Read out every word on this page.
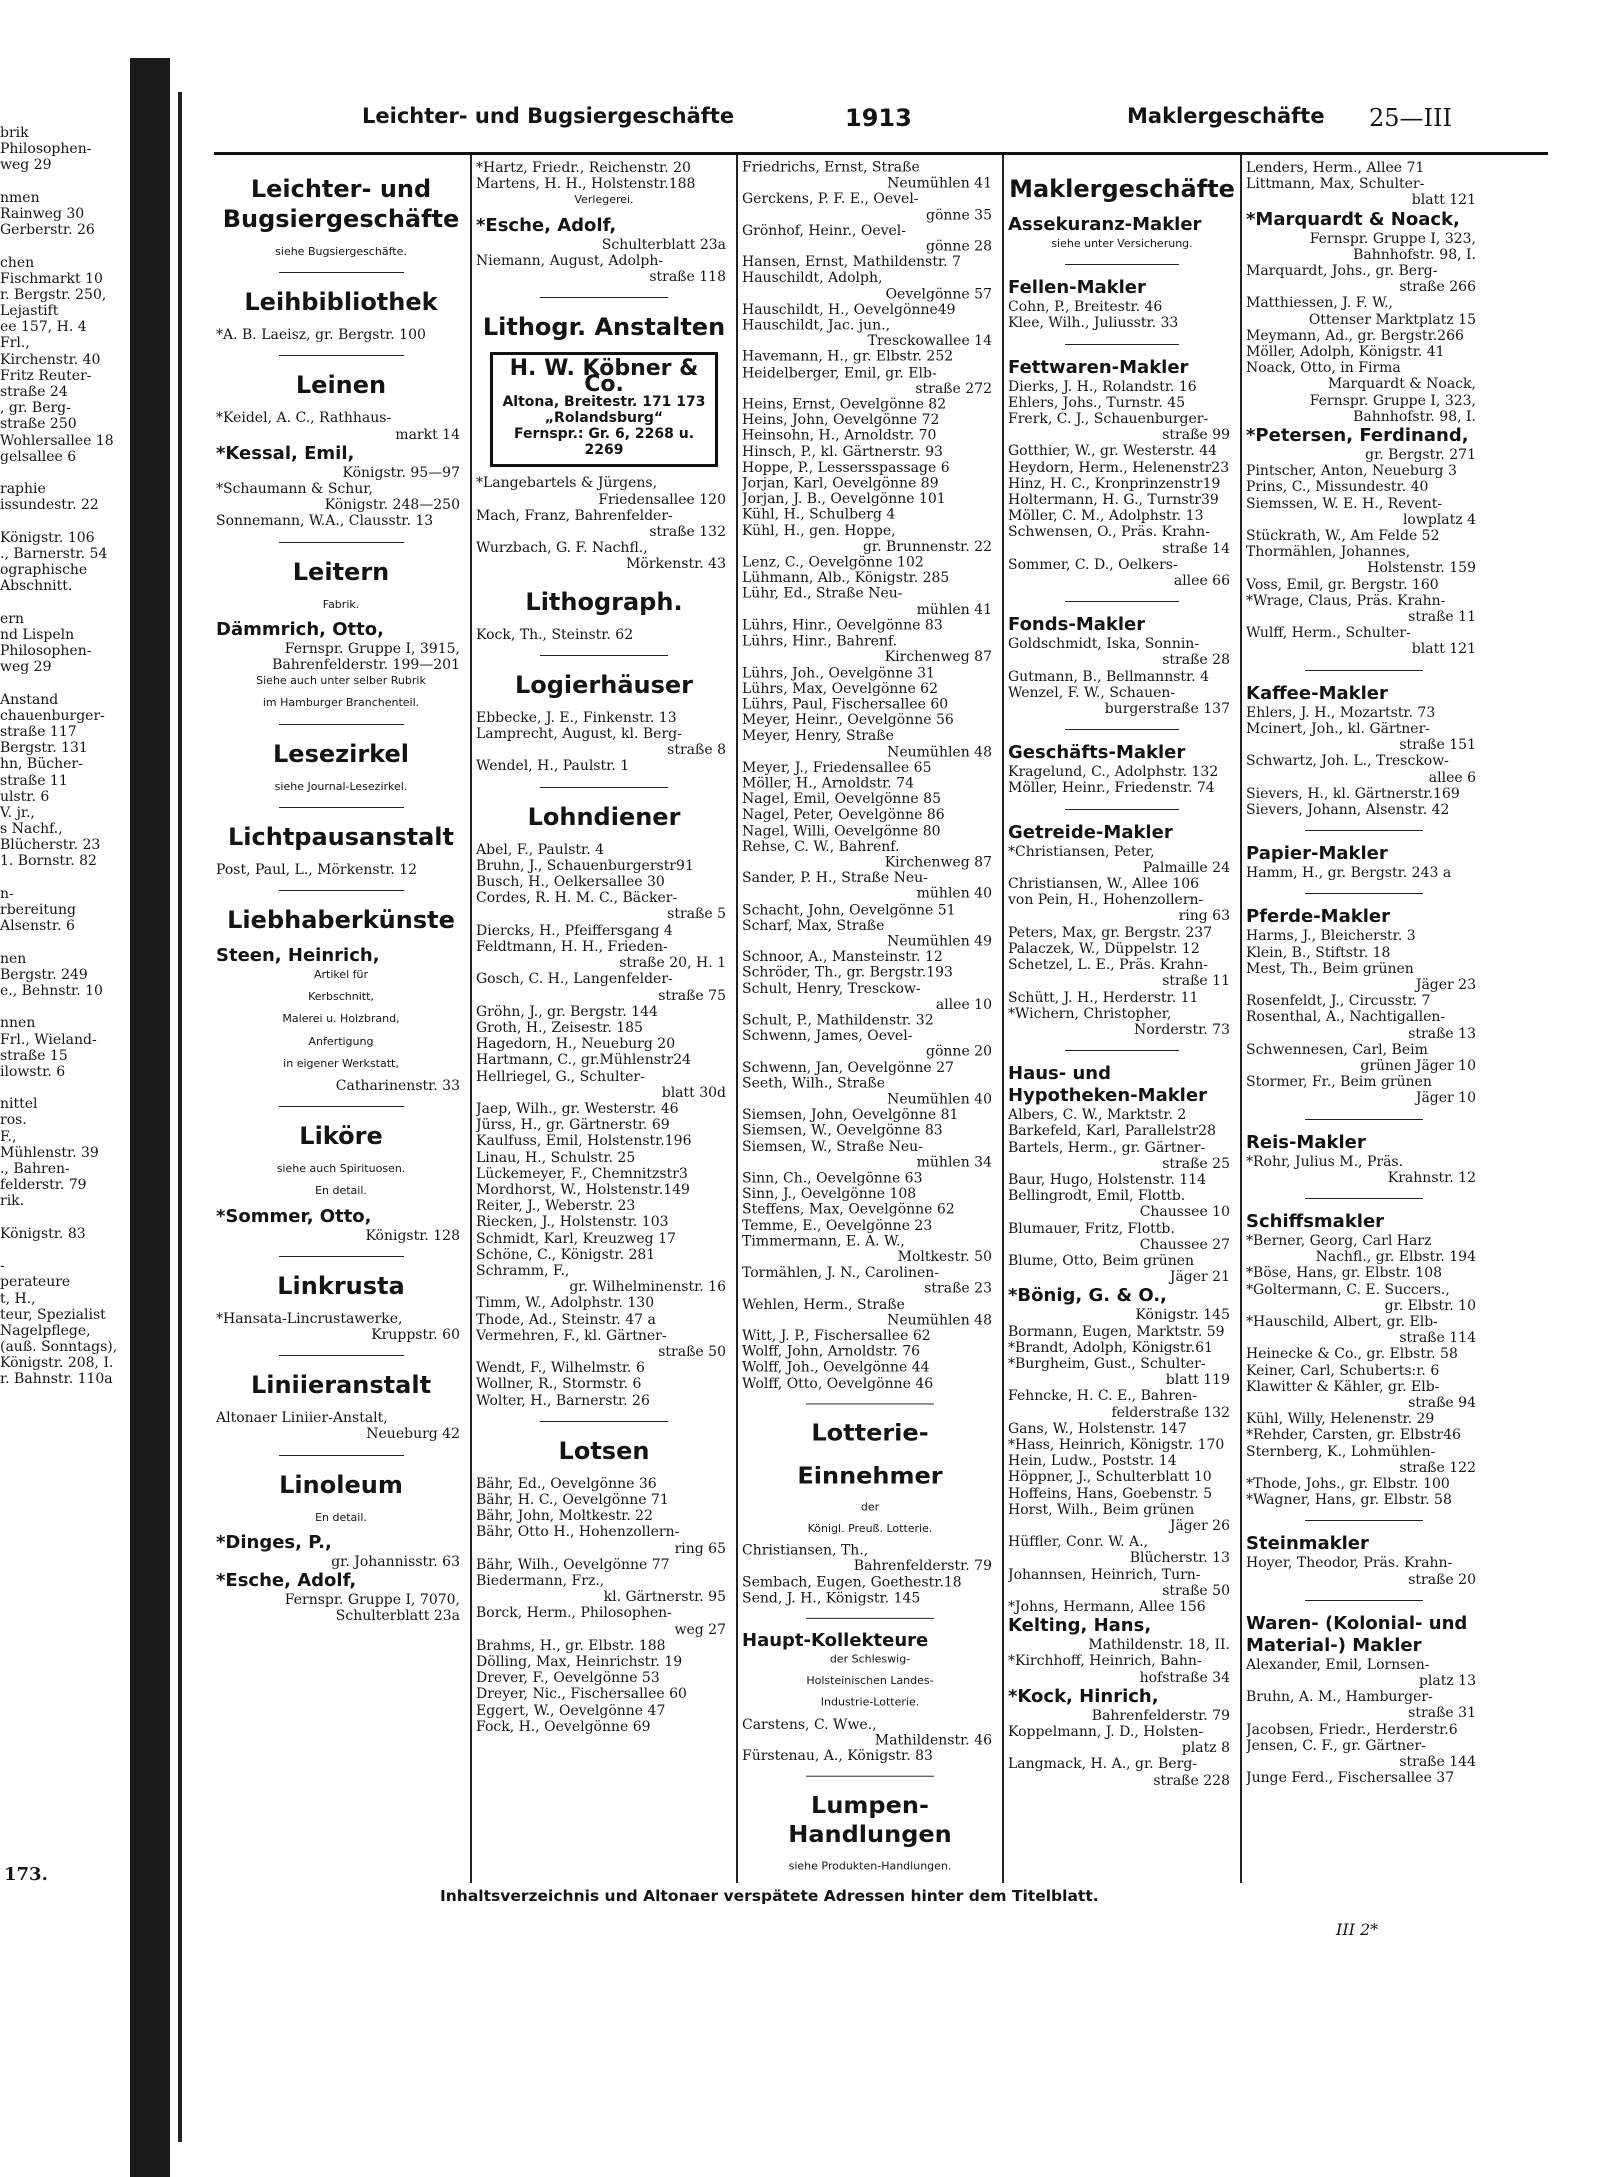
brik
Philosophen-
weg 29
nmen
Rainweg 30
Gerberstr. 26
chen
Fischmarkt 10
r. Bergstr. 250,
Lejastift
ee 157, H. 4
Frl.,
Kirchenstr. 40
Fritz Reuter-
straße 24
, gr. Berg-
straße 250
Wohlersallee 18
gelsallee 6
raphie
issundestr. 22
Königstr. 106
., Barnerstr. 54
ographische
Abschnitt.
ern
nd Lispeln
Philosophen-
weg 29
Anstand
chauenburger-
straße 117
Bergstr. 131
hn, Bücher-
straße 11
ulstr. 6
V. jr.,
s Nachf.,
Blücherstr. 23
1. Bornstr. 82
n-
rbereitung
Alsenstr. 6
nen
Bergstr. 249
e., Behnstr. 10
nnen
Frl., Wieland-
straße 15
ilowstr. 6
nittel
ros.
F.,
Mühlenstr. 39
., Bahren-
felderstr. 79
rik.
Königstr. 83
-
perateure
t, H.,
teur, Spezialist
Nagelpflege,
(auß. Sonntags),
Königstr. 208, I.
r. Bahnstr. 110a
173.
Leichter- und Bugsiergeschäfte	1913	Maklergeschäfte 25—III
Leichter- und Bugsiergeschäfte
siehe Bugsiergeschäfte.
Leihbibliothek
*A. B. Laeisz, gr. Bergstr. 100
Leinen
*Keidel, A. C., Rathhaus-
markt 14
*Kessal, Emil,
Königstr. 95—97
*Schaumann & Schur,
Königstr. 248—250
Sonnemann, W.A., Clausstr. 13
Leitern
Fabrik.
Dämmrich, Otto,
Fernspr. Gruppe I, 3915,
Bahrenfelderstr. 199—201
Siehe auch unter selber Rubrik
im Hamburger Branchenteil.
Lesezirkel
siehe Journal-Lesezirkel.
Lichtpausanstalt
Post, Paul, L., Mörkenstr. 12
Liebhaberkünste
Steen, Heinrich,
Artikel für
Kerbschnitt,
Malerei u. Holzbrand,
Anfertigung
in eigener Werkstatt,
Catharinenstr. 33
Liköre
siehe auch Spirituosen.
En detail.
*Sommer, Otto,
Königstr. 128
Linkrusta
*Hansata-Lincrustawerke,
Kruppstr. 60
Liniieranstalt
Altonaer Liniier-Anstalt,
Neueburg 42
Linoleum
En detail.
*Dinges, P.,
gr. Johannisstr. 63
*Esche, Adolf,
Fernspr. Gruppe I, 7070,
Schulterblatt 23a
*Hartz, Friedr., Reichenstr. 20
Martens, H. H., Holstenstr.188
Verlegerei.
*Esche, Adolf,
Schulterblatt 23a
Niemann, August, Adolph-
straße 118
Lithogr. Anstalten
H. W. Köbner & Co.
Altona, Breitestr. 171 173
„Rolandsburg“
Fernspr.: Gr. 6, 2268 u. 2269
*Langebartels & Jürgens,
Friedensallee 120
Mach, Franz, Bahrenfelder-
straße 132
Wurzbach, G. F. Nachfl.,
Mörkenstr. 43
Lithograph.
Kock, Th., Steinstr. 62
Logierhäuser
Ebbecke, J. E., Finkenstr. 13
Lamprecht, August, kl. Berg-
straße 8
Wendel, H., Paulstr. 1
Lohndiener
Abel, F., Paulstr. 4
Bruhn, J., Schauenburgerstr91
Busch, H., Oelkersallee 30
Cordes, R. H. M. C., Bäcker-
straße 5
Diercks, H., Pfeiffersgang 4
Feldtmann, H. H., Frieden-
straße 20, H. 1
Gosch, C. H., Langenfelder-
straße 75
Gröhn, J., gr. Bergstr. 144
Groth, H., Zeisestr. 185
Hagedorn, H., Neueburg 20
Hartmann, C., gr.Mühlenstr24
Hellriegel, G., Schulter-
blatt 30d
Jaep, Wilh., gr. Westerstr. 46
Jürss, H., gr. Gärtnerstr. 69
Kaulfuss, Emil, Holstenstr.196
Linau, H., Schulstr. 25
Lückemeyer, F., Chemnitzstr3
Mordhorst, W., Holstenstr.149
Reiter, J., Weberstr. 23
Riecken, J., Holstenstr. 103
Schmidt, Karl, Kreuzweg 17
Schöne, C., Königstr. 281
Schramm, F.,
gr. Wilhelminenstr. 16
Timm, W., Adolphstr. 130
Thode, Ad., Steinstr. 47 a
Vermehren, F., kl. Gärtner-
straße 50
Wendt, F., Wilhelmstr. 6
Wollner, R., Stormstr. 6
Wolter, H., Barnerstr. 26
Lotsen
Bähr, Ed., Oevelgönne 36
Bähr, H. C., Oevelgönne 71
Bähr, John, Moltkestr. 22
Bähr, Otto H., Hohenzollern-
ring 65
Bähr, Wilh., Oevelgönne 77
Biedermann, Frz.,
kl. Gärtnerstr. 95
Borck, Herm., Philosophen-
weg 27
Brahms, H., gr. Elbstr. 188
Dölling, Max, Heinrichstr. 19
Drever, F., Oevelgönne 53
Dreyer, Nic., Fischersallee 60
Eggert, W., Oevelgönne 47
Fock, H., Oevelgönne 69
Friedrichs, Ernst, Straße
Neumühlen 41
Gerckens, P. F. E., Oevel-
gönne 35
Grönhof, Heinr., Oevel-
gönne 28
Hansen, Ernst, Mathildenstr. 7
Hauschildt, Adolph,
Oevelgönne 57
Hauschildt, H., Oevelgönne49
Hauschildt, Jac. jun.,
Tresckowallee 14
Havemann, H., gr. Elbstr. 252
Heidelberger, Emil, gr. Elb-
straße 272
Heins, Ernst, Oevelgönne 82
Heins, John, Oevelgönne 72
Heinsohn, H., Arnoldstr. 70
Hinsch, P., kl. Gärtnerstr. 93
Hoppe, P., Lessersspassage 6
Jorjan, Karl, Oevelgönne 89
Jorjan, J. B., Oevelgönne 101
Kühl, H., Schulberg 4
Kühl, H., gen. Hoppe,
gr. Brunnenstr. 22
Lenz, C., Oevelgönne 102
Lühmann, Alb., Königstr. 285
Lühr, Ed., Straße Neu-
mühlen 41
Lührs, Hinr., Oevelgönne 83
Lührs, Hinr., Bahrenf.
Kirchenweg 87
Lührs, Joh., Oevelgönne 31
Lührs, Max, Oevelgönne 62
Lührs, Paul, Fischersallee 60
Meyer, Heinr., Oevelgönne 56
Meyer, Henry, Straße
Neumühlen 48
Meyer, J., Friedensallee 65
Möller, H., Arnoldstr. 74
Nagel, Emil, Oevelgönne 85
Nagel, Peter, Oevelgönne 86
Nagel, Willi, Oevelgönne 80
Rehse, C. W., Bahrenf.
Kirchenweg 87
Sander, P. H., Straße Neu-
mühlen 40
Schacht, John, Oevelgönne 51
Scharf, Max, Straße
Neumühlen 49
Schnoor, A., Mansteinstr. 12
Schröder, Th., gr. Bergstr.193
Schult, Henry, Tresckow-
allee 10
Schult, P., Mathildenstr. 32
Schwenn, James, Oevel-
gönne 20
Schwenn, Jan, Oevelgönne 27
Seeth, Wilh., Straße
Neumühlen 40
Siemsen, John, Oevelgönne 81
Siemsen, W., Oevelgönne 83
Siemsen, W., Straße Neu-
mühlen 34
Sinn, Ch., Oevelgönne 63
Sinn, J., Oevelgönne 108
Steffens, Max, Oevelgönne 62
Temme, E., Oevelgönne 23
Timmermann, E. A. W.,
Moltkestr. 50
Tormählen, J. N., Carolinen-
straße 23
Wehlen, Herm., Straße
Neumühlen 48
Witt, J. P., Fischersallee 62
Wolff, John, Arnoldstr. 76
Wolff, Joh., Oevelgönne 44
Wolff, Otto, Oevelgönne 46
Lotterie-
Einnehmer
der
Königl. Preuß. Lotterie.
Christiansen, Th.,
Bahrenfelderstr. 79
Sembach, Eugen, Goethestr.18
Send, J. H., Königstr. 145
Haupt-Kollekteure
der Schleswig-
Holsteinischen Landes-
Industrie-Lotterie.
Carstens, C. Wwe.,
Mathildenstr. 46
Fürstenau, A., Königstr. 83
Lumpen-Handlungen
siehe Produkten-Handlungen.
Maklergeschäfte
Assekuranz-Makler
siehe unter Versicherung.
Fellen-Makler
Cohn, P., Breitestr. 46
Klee, Wilh., Juliusstr. 33
Fettwaren-Makler
Dierks, J. H., Rolandstr. 16
Ehlers, Johs., Turnstr. 45
Frerk, C. J., Schauenburger-
straße 99
Gotthier, W., gr. Westerstr. 44
Heydorn, Herm., Helenenstr23
Hinz, H. C., Kronprinzenstr19
Holtermann, H. G., Turnstr39
Möller, C. M., Adolphstr. 13
Schwensen, O., Präs. Krahn-
straße 14
Sommer, C. D., Oelkers-
allee 66
Fonds-Makler
Goldschmidt, Iska, Sonnin-
straße 28
Gutmann, B., Bellmannstr. 4
Wenzel, F. W., Schauen-
burgerstraße 137
Geschäfts-Makler
Kragelund, C., Adolphstr. 132
Möller, Heinr., Friedenstr. 74
Getreide-Makler
*Christiansen, Peter,
Palmaille 24
Christiansen, W., Allee 106
von Pein, H., Hohenzollern-
ring 63
Peters, Max, gr. Bergstr. 237
Palaczek, W., Düppelstr. 12
Schetzel, L. E., Präs. Krahn-
straße 11
Schütt, J. H., Herderstr. 11
*Wichern, Christopher,
Norderstr. 73
Haus- und
Hypotheken-Makler
Albers, C. W., Marktstr. 2
Barkefeld, Karl, Parallelstr28
Bartels, Herm., gr. Gärtner-
straße 25
Baur, Hugo, Holstenstr. 114
Bellingrodt, Emil, Flottb.
Chaussee 10
Blumauer, Fritz, Flottb.
Chaussee 27
Blume, Otto, Beim grünen
Jäger 21
*Bönig, G. & O.,
Königstr. 145
Bormann, Eugen, Marktstr. 59
*Brandt, Adolph, Königstr.61
*Burgheim, Gust., Schulter-
blatt 119
Fehncke, H. C. E., Bahren-
felderstraße 132
Gans, W., Holstenstr. 147
*Hass, Heinrich, Königstr. 170
Hein, Ludw., Poststr. 14
Höppner, J., Schulterblatt 10
Hoffeins, Hans, Goebenstr. 5
Horst, Wilh., Beim grünen
Jäger 26
Hüffler, Conr. W. A.,
Blücherstr. 13
Johannsen, Heinrich, Turn-
straße 50
*Johns, Hermann, Allee 156
Kelting, Hans,
Mathildenstr. 18, II.
*Kirchhoff, Heinrich, Bahn-
hofstraße 34
*Kock, Hinrich,
Bahrenfelderstr. 79
Koppelmann, J. D., Holsten-
platz 8
Langmack, H. A., gr. Berg-
straße 228
Lenders, Herm., Allee 71
Littmann, Max, Schulter-
blatt 121
*Marquardt & Noack,
Fernspr. Gruppe I, 323,
Bahnhofstr. 98, I.
Marquardt, Johs., gr. Berg-
straße 266
Matthiessen, J. F. W.,
Ottenser Marktplatz 15
Meymann, Ad., gr. Bergstr.266
Möller, Adolph, Königstr. 41
Noack, Otto, in Firma
Marquardt & Noack,
Fernspr. Gruppe I, 323,
Bahnhofstr. 98, I.
*Petersen, Ferdinand,
gr. Bergstr. 271
Pintscher, Anton, Neueburg 3
Prins, C., Missundestr. 40
Siemssen, W. E. H., Revent-
lowplatz 4
Stückrath, W., Am Felde 52
Thormählen, Johannes,
Holstenstr. 159
Voss, Emil, gr. Bergstr. 160
*Wrage, Claus, Präs. Krahn-
straße 11
Wulff, Herm., Schulter-
blatt 121
Kaffee-Makler
Ehlers, J. H., Mozartstr. 73
Mcinert, Joh., kl. Gärtner-
straße 151
Schwartz, Joh. L., Tresckow-
allee 6
Sievers, H., kl. Gärtnerstr.169
Sievers, Johann, Alsenstr. 42
Papier-Makler
Hamm, H., gr. Bergstr. 243 a
Pferde-Makler
Harms, J., Bleicherstr. 3
Klein, B., Stiftstr. 18
Mest, Th., Beim grünen
Jäger 23
Rosenfeldt, J., Circusstr. 7
Rosenthal, A., Nachtigallen-
straße 13
Schwennesen, Carl, Beim
grünen Jäger 10
Stormer, Fr., Beim grünen
Jäger 10
Reis-Makler
*Rohr, Julius M., Präs.
Krahnstr. 12
Schiffsmakler
*Berner, Georg, Carl Harz
Nachfl., gr. Elbstr. 194
*Böse, Hans, gr. Elbstr. 108
*Goltermann, C. E. Succers.,
gr. Elbstr. 10
*Hauschild, Albert, gr. Elb-
straße 114
Heinecke & Co., gr. Elbstr. 58
Keiner, Carl, Schuberts:r. 6
Klawitter & Kähler, gr. Elb-
straße 94
Kühl, Willy, Helenenstr. 29
*Rehder, Carsten, gr. Elbstr46
Sternberg, K., Lohmühlen-
straße 122
*Thode, Johs., gr. Elbstr. 100
*Wagner, Hans, gr. Elbstr. 58
Steinmakler
Hoyer, Theodor, Präs. Krahn-
straße 20
Waren- (Kolonial- und
Material-) Makler
Alexander, Emil, Lornsen-
platz 13
Bruhn, A. M., Hamburger-
straße 31
Jacobsen, Friedr., Herderstr.6
Jensen, C. F., gr. Gärtner-
straße 144
Junge Ferd., Fischersallee 37
Inhaltsverzeichnis und Altonaer verspätete Adressen hinter dem Titelblatt.
III 2*
